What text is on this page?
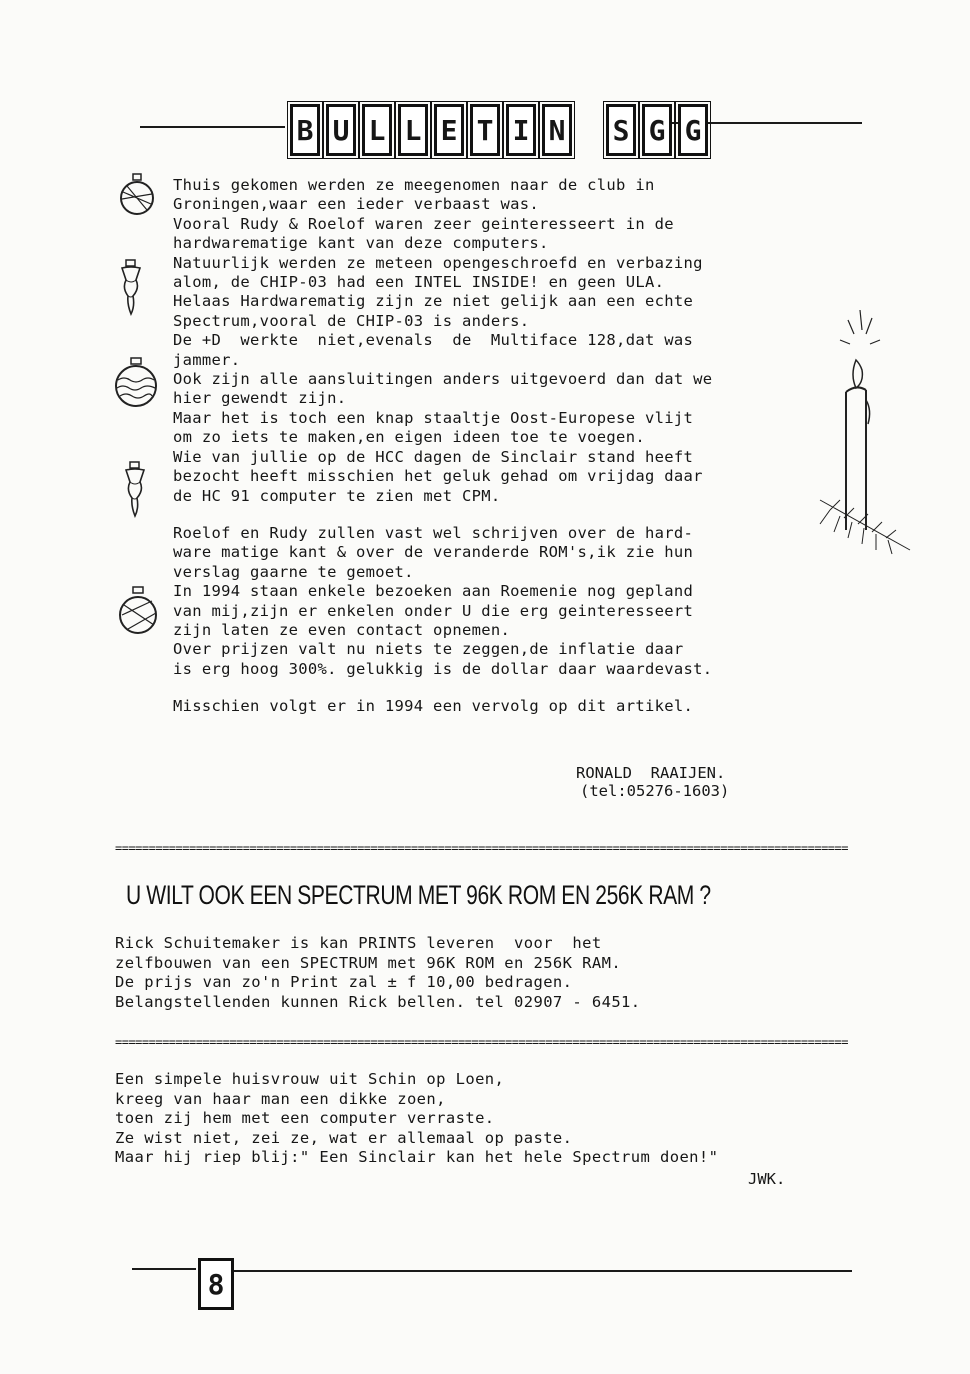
B U L L E T I N S G G

Thuis gekomen werden ze meegenomen naar de club in

Groningen,waar een ieder verbaast was.

Vooral Rudy & Roelof waren zeer geinteresseert in de

hardwarematige kant van deze computers.

Natuurlijk werden ze meteen opengeschroefd en verbazing

alom, de CHIP-03 had een INTEL INSIDE! en geen ULA.

Helaas Hardwarematig zijn ze niet gelijk aan een echte

Spectrum,vooral de CHIP-03 is anders.

De +D  werkte  niet,evenals  de  Multiface 128,dat was

jammer.

Ook zijn alle aansluitingen anders uitgevoerd dan dat we

hier gewendt zijn.

Maar het is toch een knap staaltje Oost-Europese vlijt

om zo iets te maken,en eigen ideen toe te voegen.

Wie van jullie op de HCC dagen de Sinclair stand heeft

bezocht heeft misschien het geluk gehad om vrijdag daar

de HC 91 computer te zien met CPM.

Roelof en Rudy zullen vast wel schrijven over de hard-

ware matige kant & over de veranderde ROM's,ik zie hun

verslag gaarne te gemoet.

In 1994 staan enkele bezoeken aan Roemenie nog gepland

van mij,zijn er enkelen onder U die erg geinteresseert

zijn laten ze even contact opnemen.

Over prijzen valt nu niets te zeggen,de inflatie daar

is erg hoog 300%. gelukkig is de dollar daar waardevast.

Misschien volgt er in 1994 een vervolg op dit artikel.

RONALD  RAAIJEN.
(tel:05276-1603)
=============================================================================================================
U WILT OOK EEN SPECTRUM MET 96K ROM EN 256K RAM ?

Rick Schuitemaker is kan PRINTS leveren  voor  het

zelfbouwen van een SPECTRUM met 96K ROM en 256K RAM.

De prijs van zo'n Print zal ± f 10,00 bedragen.

Belangstellenden kunnen Rick bellen. tel 02907 - 6451.

=============================================================================================================

Een simpele huisvrouw uit Schin op Loen,

kreeg van haar man een dikke zoen,

toen zij hem met een computer verraste.

Ze wist niet, zei ze, wat er allemaal op paste.

Maar hij riep blij:" Een Sinclair kan het hele Spectrum doen!"

JWK.
8
